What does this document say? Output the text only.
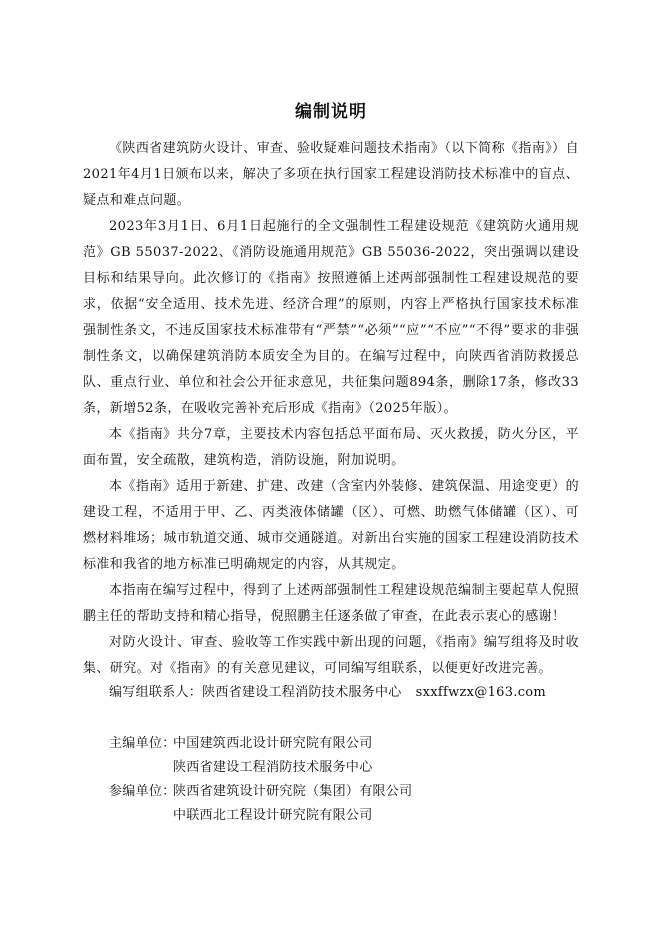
编制说明

《陕西省建筑防火设计、审查、验收疑难问题技术指南》（以下简称《指南》）自2021年4月1日颁布以来，解决了多项在执行国家工程建设消防技术标准中的盲点、疑点和难点问题。

2023年3月1日、6月1日起施行的全文强制性工程建设规范《建筑防火通用规范》GB 55037-2022、《消防设施通用规范》GB 55036-2022，突出强调以建设目标和结果导向。此次修订的《指南》按照遵循上述两部强制性工程建设规范的要求，依据“安全适用、技术先进、经济合理”的原则，内容上严格执行国家技术标准强制性条文，不违反国家技术标准带有“严禁”“必须”“应”“不应”“不得”要求的非强制性条文，以确保建筑消防本质安全为目的。在编写过程中，向陕西省消防救援总队、重点行业、单位和社会公开征求意见，共征集问题894条，删除17条，修改33条，新增52条，在吸收完善补充后形成《指南》（2025年版）。

本《指南》共分7章，主要技术内容包括总平面布局、灭火救援，防火分区，平面布置，安全疏散，建筑构造，消防设施，附加说明。

本《指南》适用于新建、扩建、改建（含室内外装修、建筑保温、用途变更）的建设工程，不适用于甲、乙、丙类液体储罐（区）、可燃、助燃气体储罐（区）、可燃材料堆场；城市轨道交通、城市交通隧道。对新出台实施的国家工程建设消防技术标准和我省的地方标准已明确规定的内容，从其规定。

本指南在编写过程中，得到了上述两部强制性工程建设规范编制主要起草人倪照鹏主任的帮助支持和精心指导，倪照鹏主任逐条做了审查，在此表示衷心的感谢！

对防火设计、审查、验收等工作实践中新出现的问题，《指南》编写组将及时收集、研究。对《指南》的有关意见建议，可同编写组联系，以便更好改进完善。

编写组联系人：陕西省建设工程消防技术服务中心 sxxffwzx@163.com
主编单位：
中国建筑西北设计研究院有限公司
陕西省建设工程消防技术服务中心
参编单位：
陕西省建筑设计研究院（集团）有限公司
中联西北工程设计研究院有限公司
